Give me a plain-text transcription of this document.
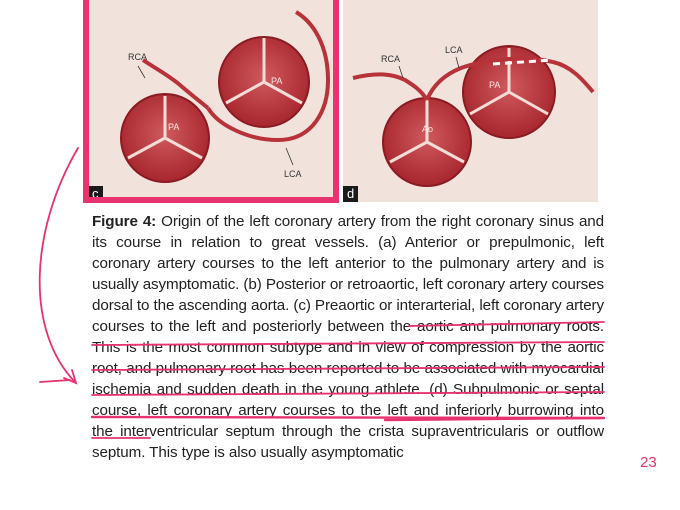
PA
PA
RCA
LCA
c
Ao
PA
RCA
LCA
d
Figure 4: Origin of the left coronary artery from the right coronary sinus and its course in relation to great vessels. (a) Anterior or prepulmonic, left coronary artery courses to the left anterior to the pulmonary artery and is usually asymptomatic. (b) Posterior or retroaortic, left coronary artery courses dorsal to the ascending aorta. (c) Preaortic or interarterial, left coronary artery courses to the left and posteriorly between the aortic and pulmonary roots. This is the most common subtype and in view of compression by the aortic root, and pulmonary root has been reported to be associated with myocardial ischemia and sudden death in the young athlete. (d) Subpulmonic or septal course, left coronary artery courses to the left and inferiorly burrowing into the interventricular septum through the crista supraventricularis or outflow septum. This type is also usually asymptomatic
23
